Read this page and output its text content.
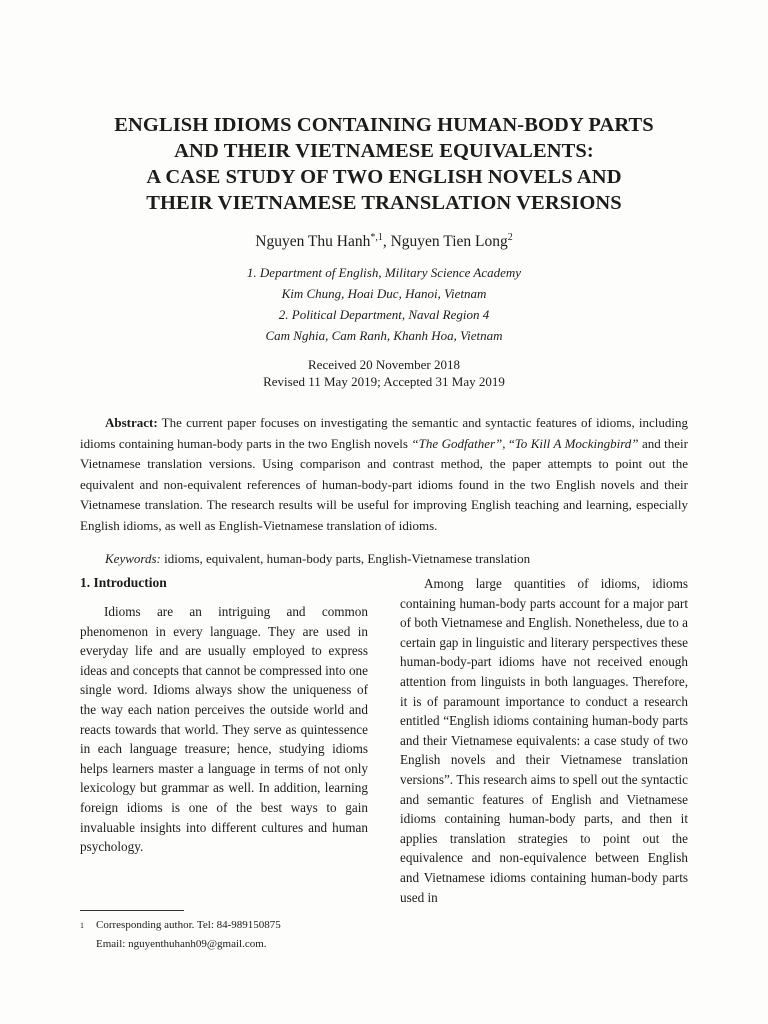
ENGLISH IDIOMS CONTAINING HUMAN-BODY PARTS
AND THEIR VIETNAMESE EQUIVALENTS:
A CASE STUDY OF TWO ENGLISH NOVELS AND
THEIR VIETNAMESE TRANSLATION VERSIONS

Nguyen Thu Hanh$^{*,1}$, Nguyen Tien Long$^2$

1. Department of English, Military Science Academy
Kim Chung, Hoai Duc, Hanoi, Vietnam
2. Political Department, Naval Region 4
Cam Nghia, Cam Ranh, Khanh Hoa, Vietnam
Received 20 November 2018
Revised 11 May 2019; Accepted 31 May 2019

Abstract: The current paper focuses on investigating the semantic and syntactic features of idioms, including idioms containing human-body parts in the two English novels “The Godfather”, “To Kill A Mockingbird” and their Vietnamese translation versions. Using comparison and contrast method, the paper attempts to point out the equivalent and non-equivalent references of human-body-part idioms found in the two English novels and their Vietnamese translation. The research results will be useful for improving English teaching and learning, especially English idioms, as well as English-Vietnamese translation of idioms.

Keywords: idioms, equivalent, human-body parts, English-Vietnamese translation

1. Introduction

Idioms are an intriguing and common phenomenon in every language. They are used in everyday life and are usually employed to express ideas and concepts that cannot be compressed into one single word. Idioms always show the uniqueness of the way each nation perceives the outside world and reacts towards that world. They serve as quintessence in each language treasure; hence, studying idioms helps learners master a language in terms of not only lexicology but grammar as well. In addition, learning foreign idioms is one of the best ways to gain invaluable insights into different cultures and human psychology.

Among large quantities of idioms, idioms containing human-body parts account for a major part of both Vietnamese and English. Nonetheless, due to a certain gap in linguistic and literary perspectives these human-body-part idioms have not received enough attention from linguists in both languages. Therefore, it is of paramount importance to conduct a research entitled “English idioms containing human-body parts and their Vietnamese equivalents: a case study of two English novels and their Vietnamese translation versions”. This research aims to spell out the syntactic and semantic features of English and Vietnamese idioms containing human-body parts, and then it applies translation strategies to point out the equivalence and non-equivalence between English and Vietnamese idioms containing human-body parts used in

1 Corresponding author. Tel: 84-989150875
Email: nguyenthuhanh09@gmail.com.
